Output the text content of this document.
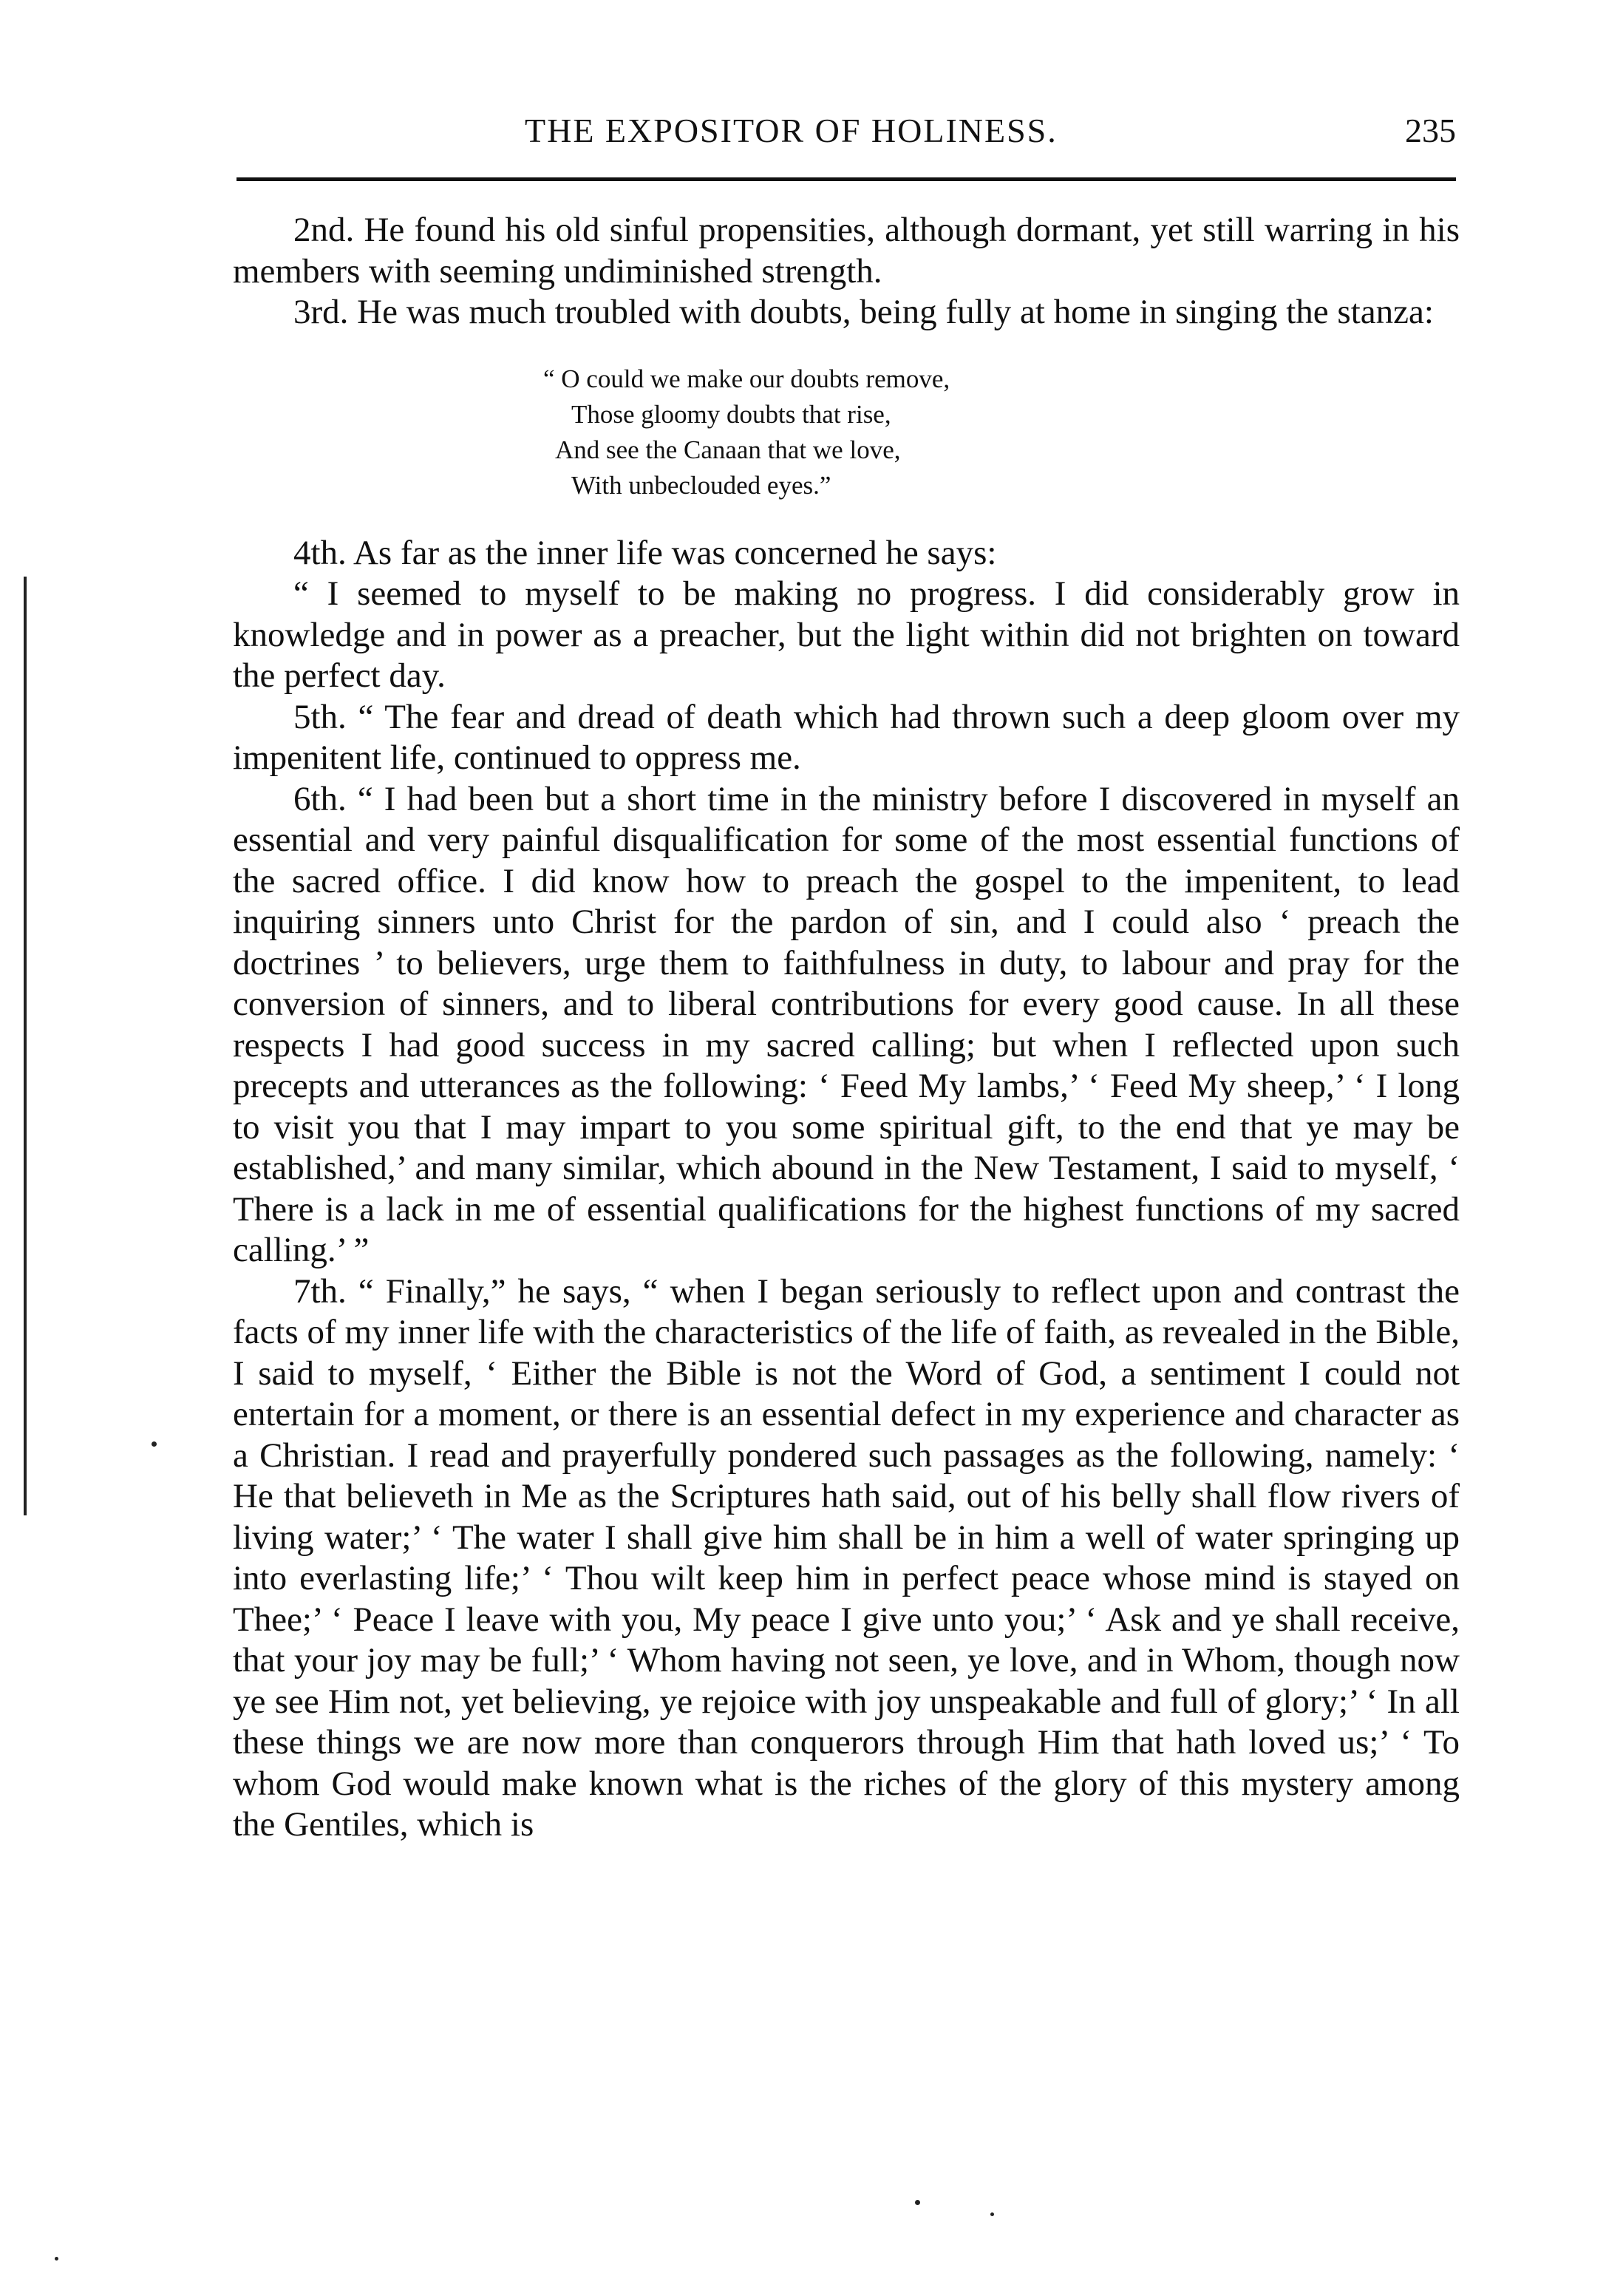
THE EXPOSITOR OF HOLINESS.	235

2nd. He found his old sinful propensities, although dormant, yet still warring in his members with seeming undiminished strength.

3rd. He was much troubled with doubts, being fully at home in singing the stanza:

“ O could we make our doubts remove,
Those gloomy doubts that rise,
And see the Canaan that we love,
With unbeclouded eyes.”

4th. As far as the inner life was concerned he says:

“ I seemed to myself to be making no progress. I did considerably grow in knowledge and in power as a preacher, but the light within did not brighten on toward the perfect day.

5th. “ The fear and dread of death which had thrown such a deep gloom over my impenitent life, continued to oppress me.

6th. “ I had been but a short time in the ministry before I discovered in myself an essential and very painful disqualification for some of the most essential functions of the sacred office. I did know how to preach the gospel to the impenitent, to lead inquiring sinners unto Christ for the pardon of sin, and I could also ‘ preach the doctrines ’ to believers, urge them to faithfulness in duty, to labour and pray for the conversion of sinners, and to liberal contributions for every good cause. In all these respects I had good success in my sacred calling; but when I reflected upon such precepts and utterances as the following: ‘ Feed My lambs,’ ‘ Feed My sheep,’ ‘ I long to visit you that I may impart to you some spiritual gift, to the end that ye may be established,’ and many similar, which abound in the New Testament, I said to myself, ‘ There is a lack in me of essential qualifications for the highest functions of my sacred calling.’ ”

7th. “ Finally,” he says, “ when I began seriously to reflect upon and contrast the facts of my inner life with the characteristics of the life of faith, as revealed in the Bible, I said to myself, ‘ Either the Bible is not the Word of God, a sentiment I could not entertain for a moment, or there is an essential defect in my experience and character as a Christian. I read and prayerfully pondered such passages as the following, namely: ‘ He that believeth in Me as the Scriptures hath said, out of his belly shall flow rivers of living water;’ ‘ The water I shall give him shall be in him a well of water springing up into everlasting life;’ ‘ Thou wilt keep him in perfect peace whose mind is stayed on Thee;’ ‘ Peace I leave with you, My peace I give unto you;’ ‘ Ask and ye shall receive, that your joy may be full;’ ‘ Whom having not seen, ye love, and in Whom, though now ye see Him not, yet believing, ye rejoice with joy unspeakable and full of glory;’ ‘ In all these things we are now more than conquerors through Him that hath loved us;’ ‘ To whom God would make known what is the riches of the glory of this mystery among the Gentiles, which is
